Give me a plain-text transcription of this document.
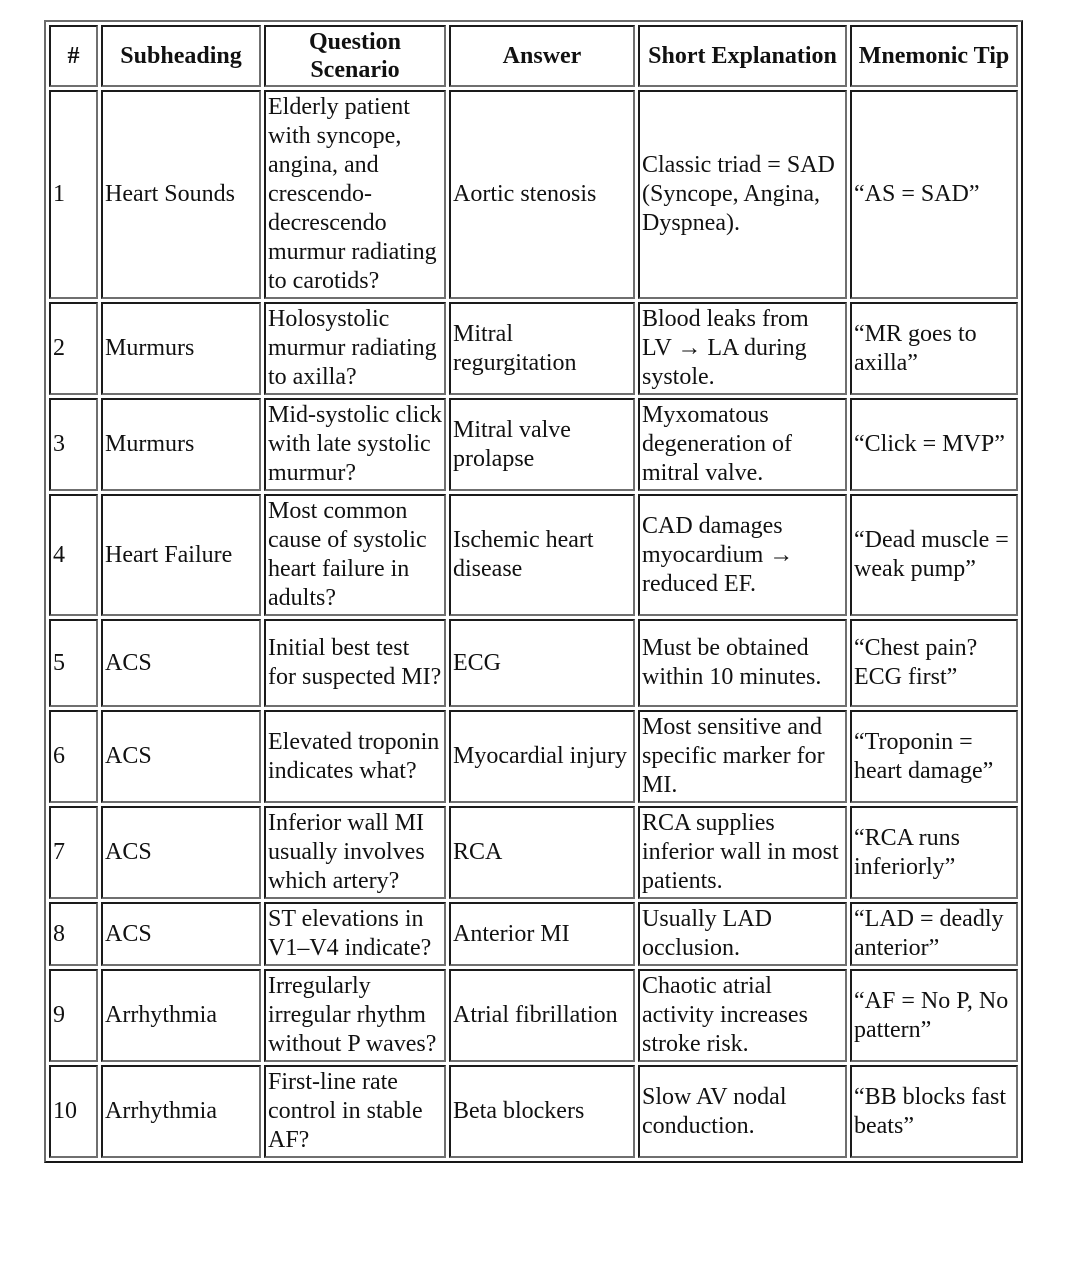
#	Subheading	Question Scenario	Answer	Short Explanation	Mnemonic Tip
1	Heart Sounds	Elderly patient with syncope, angina, and crescendo-decrescendo murmur radiating to carotids?	Aortic stenosis	Classic triad = SAD (Syncope, Angina, Dyspnea).	“AS = SAD”
2	Murmurs	Holosystolic murmur radiating to axilla?	Mitral regurgitation	Blood leaks from LV → LA during systole.	“MR goes to axilla”
3	Murmurs	Mid-systolic click with late systolic murmur?	Mitral valve prolapse	Myxomatous degeneration of mitral valve.	“Click = MVP”
4	Heart Failure	Most common cause of systolic heart failure in adults?	Ischemic heart disease	CAD damages myocardium → reduced EF.	“Dead muscle = weak pump”
5	ACS	Initial best test for suspected MI?	ECG	Must be obtained within 10 minutes.	“Chest pain? ECG first”
6	ACS	Elevated troponin indicates what?	Myocardial injury	Most sensitive and specific marker for MI.	“Troponin = heart damage”
7	ACS	Inferior wall MI usually involves which artery?	RCA	RCA supplies inferior wall in most patients.	“RCA runs inferiorly”
8	ACS	ST elevations in V1–V4 indicate?	Anterior MI	Usually LAD occlusion.	“LAD = deadly anterior”
9	Arrhythmia	Irregularly irregular rhythm without P waves?	Atrial fibrillation	Chaotic atrial activity increases stroke risk.	“AF = No P, No pattern”
10	Arrhythmia	First-line rate control in stable AF?	Beta blockers	Slow AV nodal conduction.	“BB blocks fast beats”
